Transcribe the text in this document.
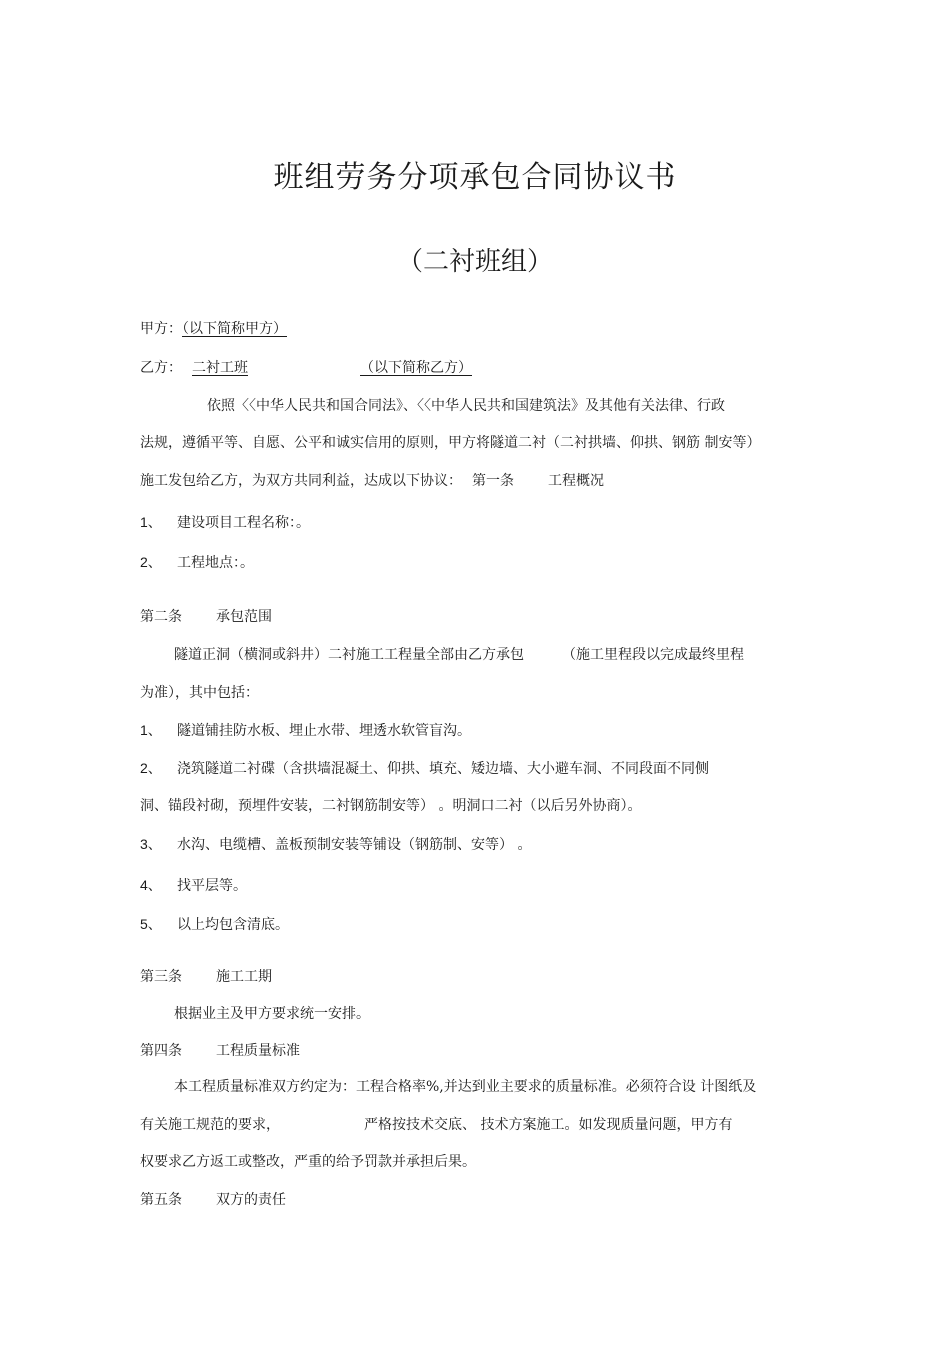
班组劳务分项承包合同协议书
（二衬班组）
甲方：（以下简称甲方）
乙方： 二衬工班	（以下简称乙方）
依照〈〈中华人民共和国合同法》、〈〈中华人民共和国建筑法》及其他有关法律、行政
法规，遵循平等、自愿、公平和诚实信用的原则，甲方将隧道二衬（二衬拱墙、仰拱、钢筋 制安等）
施工发包给乙方，为双方共同利益，达成以下协议： 第一条 工程概况
1、 建设项目工程名称：。
2、 工程地点：。
第二条 承包范围
隧道正洞（横洞或斜井）二衬施工工程量全部由乙方承包	（施工里程段以完成最终里程
为准），其中包括：
1、 隧道铺挂防水板、埋止水带、埋透水软管盲沟。
2、 浇筑隧道二衬碟（含拱墙混凝土、仰拱、填充、矮边墙、大小避车洞、不同段面不同侧
洞、锚段衬砌，预埋件安装，二衬钢筋制安等） 。明洞口二衬（以后另外协商）。
3、 水沟、电缆槽、盖板预制安装等铺设（钢筋制、安等） 。
4、 找平层等。
5、 以上均包含清底。
第三条 施工工期
根据业主及甲方要求统一安排。
第四条 工程质量标准
本工程质量标准双方约定为：工程合格率%,并达到业主要求的质量标准。必须符合设 计图纸及
有关施工规范的要求，	严格按技术交底、 技术方案施工。如发现质量问题，甲方有
权要求乙方返工或整改，严重的给予罚款并承担后果。
第五条 双方的责任
